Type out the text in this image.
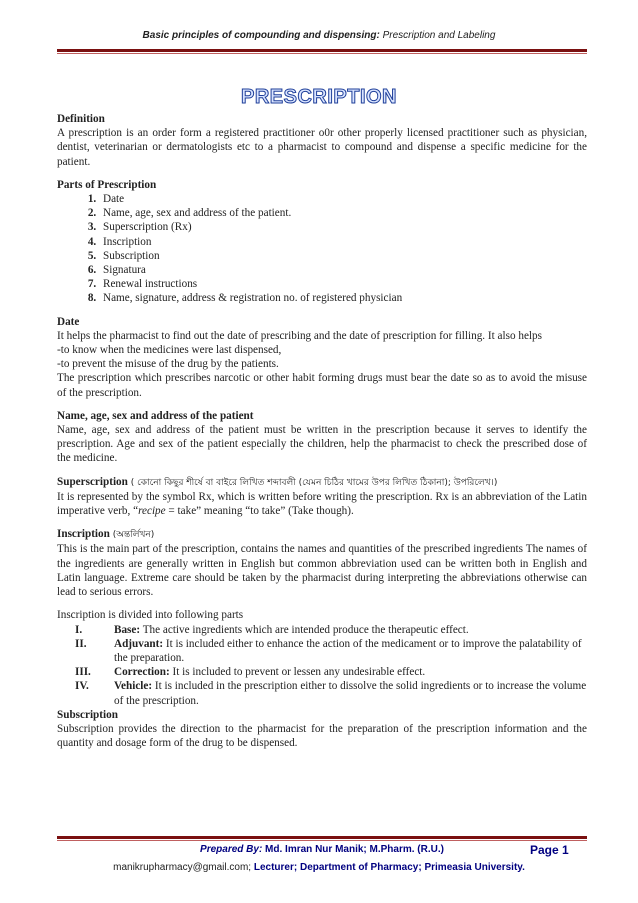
Basic principles of compounding and dispensing: Prescription and Labeling
PRESCRIPTION

Definition

A prescription is an order form a registered practitioner o0r other properly licensed practitioner such as physician, dentist, veterinarian or dermatologists etc to a pharmacist to compound and dispense a specific medicine for the patient.

Parts of Prescription

1. Date
2. Name, age, sex and address of the patient.
3. Superscription (Rx)
4. Inscription
5. Subscription
6. Signatura
7. Renewal instructions
8. Name, signature, address & registration no. of registered physician

Date

It helps the pharmacist to find out the date of prescribing and the date of prescription for filling. It also helps

-to know when the medicines were last dispensed,

-to prevent the misuse of the drug by the patients.

The prescription which prescribes narcotic or other habit forming drugs must bear the date so as to avoid the misuse of the prescription.

Name, age, sex and address of the patient

Name, age, sex and address of the patient must be written in the prescription because it serves to identify the prescription. Age and sex of the patient especially the children, help the pharmacist to check the prescribed dose of the medicine.

Superscription ( কোনো কিছুর শীর্ষে বা বাইরে লিখিত শব্দাবলী (যেমন চিঠির খামের উপর লিখিত ঠিকানা); উপরিলেখ।)

It is represented by the symbol Rx, which is written before writing the prescription. Rx is an abbreviation of the Latin imperative verb, “recipe = take” meaning “to take” (Take though).

Inscription (অন্তর্লিখন)

This is the main part of the prescription, contains the names and quantities of the prescribed ingredients The names of the ingredients are generally written in English but common abbreviation used can be written both in English and Latin language. Extreme care should be taken by the pharmacist during interpreting the abbreviations otherwise can lead to serious errors.

Inscription is divided into following parts

I.	Base: The active ingredients which are intended produce the therapeutic effect.
II. Adjuvant: It is included either to enhance the action of the medicament or to improve the palatability of the preparation.
III. Correction: It is included to prevent or lessen any undesirable effect.
IV. Vehicle: It is included in the prescription either to dissolve the solid ingredients or to increase the volume of the prescription.

Subscription

Subscription provides the direction to the pharmacist for the preparation of the prescription information and the quantity and dosage form of the drug to be dispensed.

Prepared By: Md. Imran Nur Manik; M.Pharm. (R.U.)	Page 1
manikrupharmacy@gmail.com; Lecturer; Department of Pharmacy; Primeasia University.
